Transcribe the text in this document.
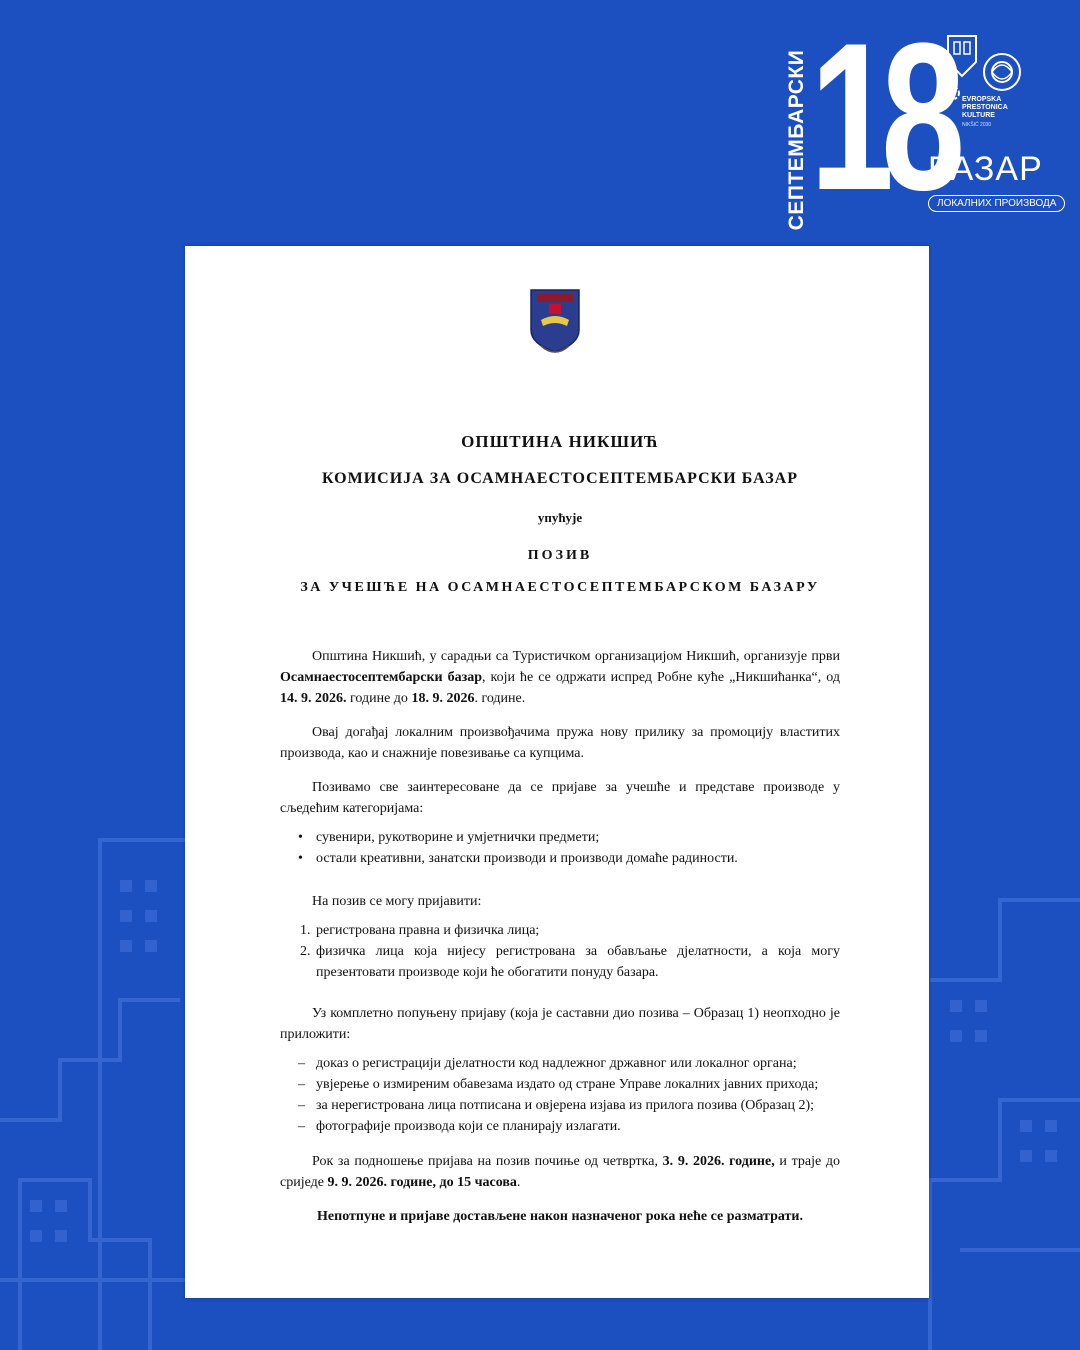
СЕПТЕМБАРСКИ 18
БАЗАР
ЛОКАЛНИХ ПРОИЗВОДА
EVROPSKA
PRESTONICA
KULTURE
NIKŠIĆ 2030
ОПШТИНА НИКШИЋ
КОМИСИЈА ЗА ОСАМНАЕСТОСЕПТЕМБАРСКИ БАЗАР
упућује
ПОЗИВ
ЗА УЧЕШЋЕ НА ОСАМНАЕСТОСЕПТЕМБАРСКОМ БАЗАРУ

Општина Никшић, у сарадњи са Туристичком организацијом Никшић, организује први Осамнаестосептембарски базар, који ће се одржати испред Робне куће „Никшићанка“, од 14. 9. 2026. године до 18. 9. 2026. године.

Овај догађај локалним произвођачима пружа нову прилику за промоцију властитих производа, као и снажније повезивање са купцима.

Позивамо све заинтересоване да се пријаве за учешће и представе производе у сљедећим категоријама:

• сувенири, рукотворине и умјетнички предмети;
• остали креативни, занатски производи и производи домаће радиности.

На позив се могу пријавити:

1. регистрована правна и физичка лица;
2. физичка лица која нијесу регистрована за обављање дјелатности, а која могу презентовати производе који ће обогатити понуду базара.

Уз комплетно попуњену пријаву (која је саставни дио позива – Образац 1) неопходно је приложити:

– доказ о регистрацији дјелатности код надлежног државног или локалног органа;
– увјерење о измиреним обавезама издато од стране Управе локалних јавних прихода;
– за нерегистрована лица потписана и овјерена изјава из прилога позива (Образац 2);
– фотографије производа који се планирају излагати.

Рок за подношење пријава на позив почиње од четвртка, 3. 9. 2026. године, и траје до сриједе 9. 9. 2026. године, до 15 часова.

Непотпуне и пријаве достављене након назначеног рока неће се разматрати.
